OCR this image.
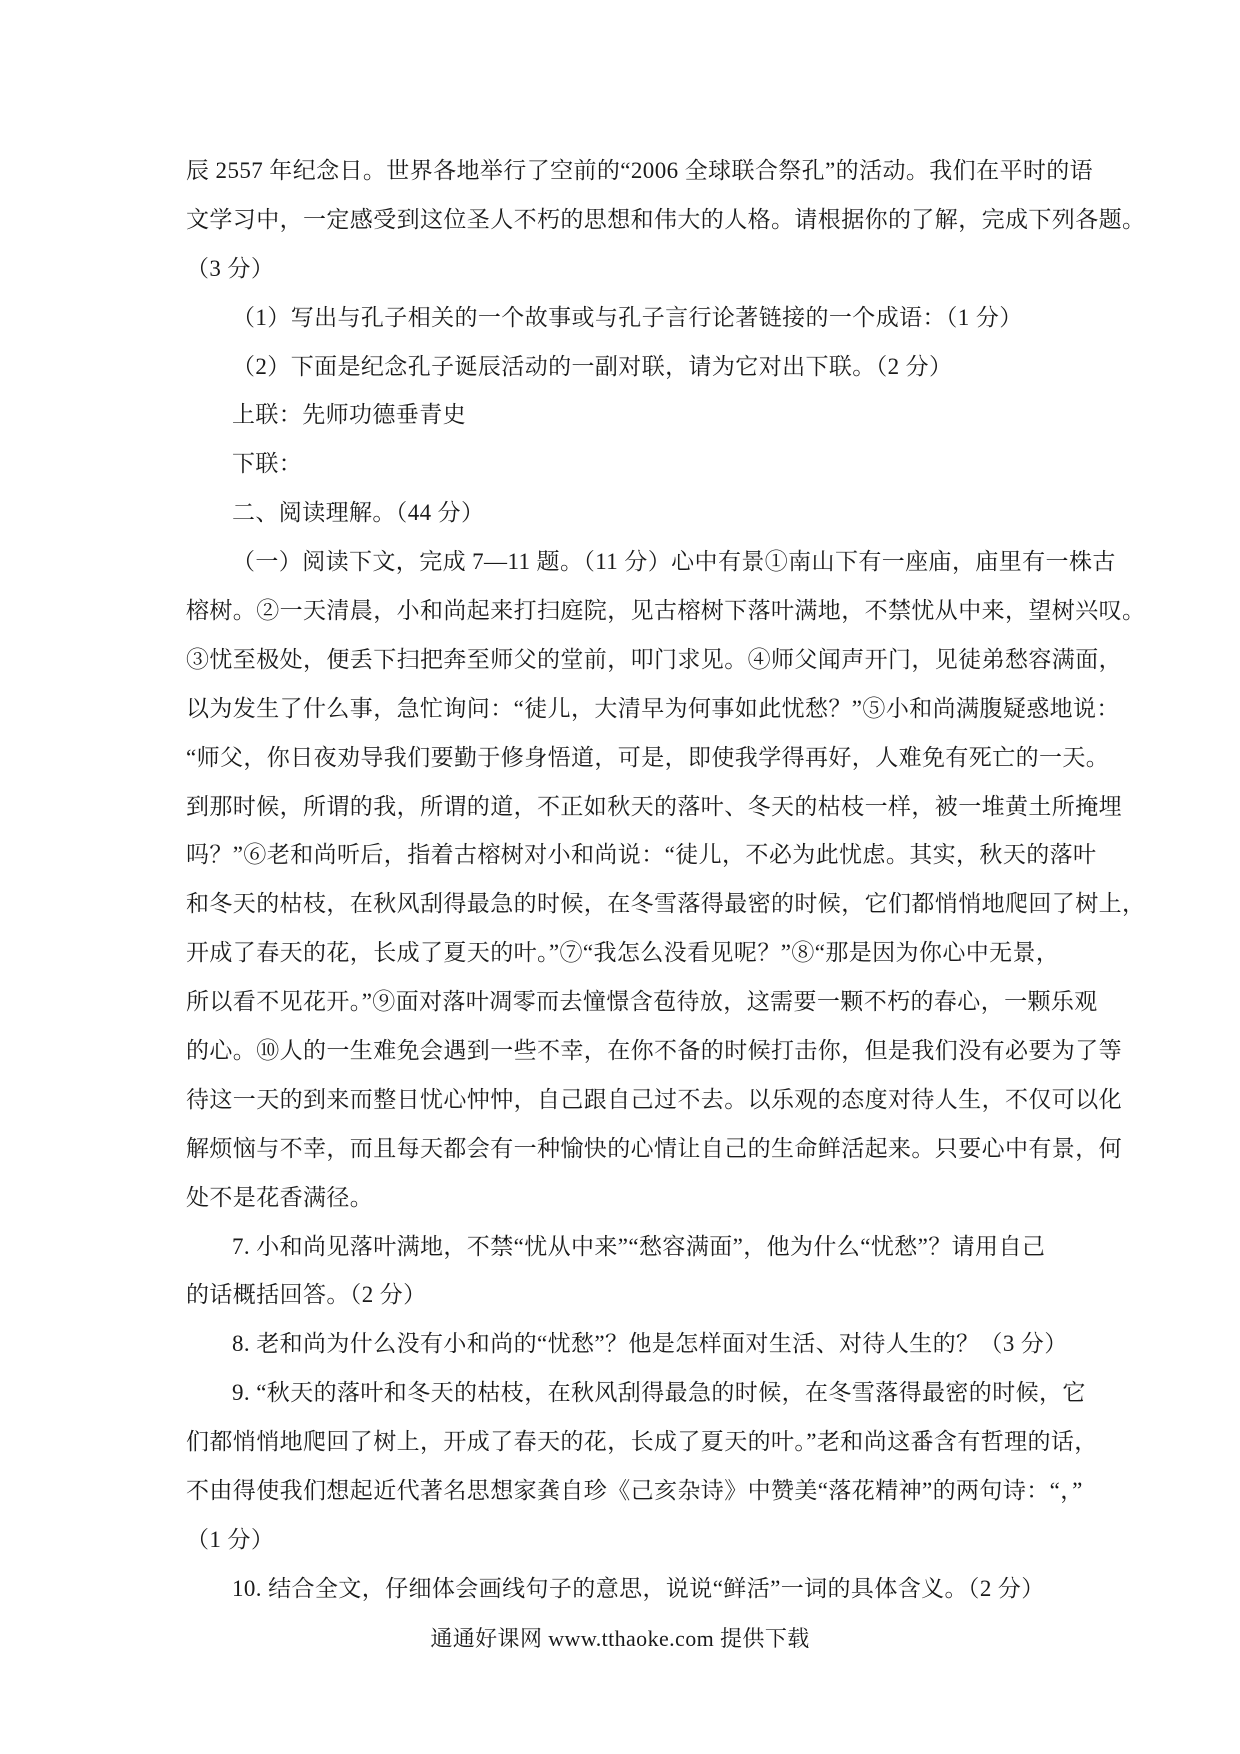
辰 2557 年纪念日。世界各地举行了空前的“2006 全球联合祭孔”的活动。我们在平时的语
文学习中，一定感受到这位圣人不朽的思想和伟大的人格。请根据你的了解，完成下列各题。
（3 分）
（1）写出与孔子相关的一个故事或与孔子言行论著链接的一个成语：（1 分）
（2）下面是纪念孔子诞辰活动的一副对联，请为它对出下联。（2 分）
上联：先师功德垂青史
下联：
二、阅读理解。（44 分）
（一）阅读下文，完成 7—11 题。（11 分）心中有景①南山下有一座庙，庙里有一株古
榕树。②一天清晨，小和尚起来打扫庭院，见古榕树下落叶满地，不禁忧从中来，望树兴叹。
③忧至极处，便丢下扫把奔至师父的堂前，叩门求见。④师父闻声开门，见徒弟愁容满面，
以为发生了什么事，急忙询问：“徒儿，大清早为何事如此忧愁？”⑤小和尚满腹疑惑地说：
“师父，你日夜劝导我们要勤于修身悟道，可是，即使我学得再好，人难免有死亡的一天。
到那时候，所谓的我，所谓的道，不正如秋天的落叶、冬天的枯枝一样，被一堆黄土所掩埋
吗？”⑥老和尚听后，指着古榕树对小和尚说：“徒儿，不必为此忧虑。其实，秋天的落叶
和冬天的枯枝，在秋风刮得最急的时候，在冬雪落得最密的时候，它们都悄悄地爬回了树上，
开成了春天的花，长成了夏天的叶。”⑦“我怎么没看见呢？”⑧“那是因为你心中无景，
所以看不见花开。”⑨面对落叶凋零而去憧憬含苞待放，这需要一颗不朽的春心，一颗乐观
的心。⑩人的一生难免会遇到一些不幸，在你不备的时候打击你，但是我们没有必要为了等
待这一天的到来而整日忧心忡忡，自己跟自己过不去。以乐观的态度对待人生，不仅可以化
解烦恼与不幸，而且每天都会有一种愉快的心情让自己的生命鲜活起来。只要心中有景，何
处不是花香满径。
7. 小和尚见落叶满地，不禁“忧从中来”“愁容满面”，他为什么“忧愁”？请用自己
的话概括回答。（2 分）
8. 老和尚为什么没有小和尚的“忧愁”？他是怎样面对生活、对待人生的？（3 分）
9. “秋天的落叶和冬天的枯枝，在秋风刮得最急的时候，在冬雪落得最密的时候，它
们都悄悄地爬回了树上，开成了春天的花，长成了夏天的叶。”老和尚这番含有哲理的话，
不由得使我们想起近代著名思想家龚自珍《己亥杂诗》中赞美“落花精神”的两句诗：“，”
（1 分）
10. 结合全文，仔细体会画线句子的意思，说说“鲜活”一词的具体含义。（2 分）
通通好课网 www.tthaoke.com 提供下载
